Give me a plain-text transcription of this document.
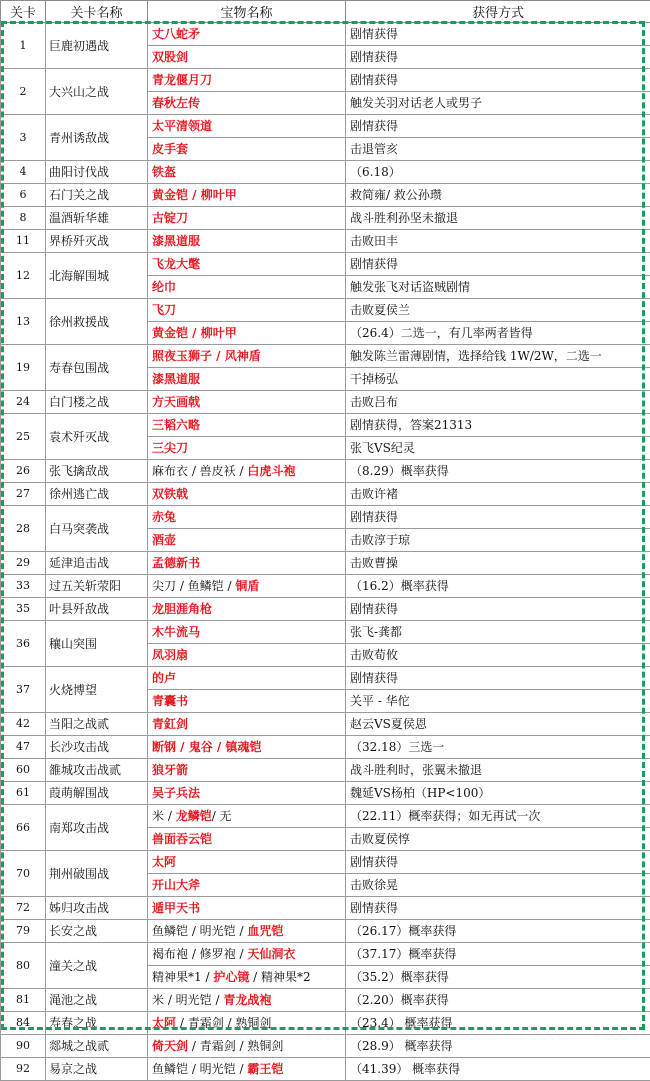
关卡	关卡名称	宝物名称	获得方式
1	巨鹿初遇战	丈八蛇矛	剧情获得
		双股剑	剧情获得
2	大兴山之战	青龙偃月刀	剧情获得
		春秋左传	触发关羽对话老人或男子
3	青州诱敌战	太平清领道	剧情获得
		皮手套	击退管亥
4	曲阳讨伐战	铁盔	（6.18）
6	石门关之战	黄金铠 / 柳叶甲	救简雍/ 救公孙瓒
8	温酒斩华雄	古锭刀	战斗胜利孙坚未撤退
11	界桥歼灭战	漆黑道服	击败田丰
12	北海解围城	飞龙大氅	剧情获得
		纶巾	触发张飞对话盗贼剧情
13	徐州救援战	飞刀	击败夏侯兰
		黄金铠 / 柳叶甲	（26.4）二选一，有几率两者皆得
19	寿春包围战	照夜玉狮子 / 风神盾	触发陈兰雷薄剧情，选择给钱 1W/2W，二选一
		漆黑道服	干掉杨弘
24	白门楼之战	方天画戟	击败吕布
25	袁术歼灭战	三韬六略	剧情获得，答案21313
		三尖刀	张飞VS纪灵
26	张飞擒敌战	麻布衣 / 兽皮袄 / 白虎斗袍	（8.29）概率获得
27	徐州逃亡战	双铁戟	击败许褚
28	白马突袭战	赤兔	剧情获得
		酒壶	击败淳于琼
29	延津追击战	孟德新书	击败曹操
33	过五关斩荥阳	尖刀 / 鱼鳞铠 / 铜盾	（16.2）概率获得
35	叶县歼敌战	龙胆涯角枪	剧情获得
36	穰山突围	木牛流马	张飞-龚都
		凤羽扇	击败荀攸
37	火烧博望	的卢	剧情获得
		青囊书	关平 - 华佗
42	当阳之战贰	青釭剑	赵云VS夏侯恩
47	长沙攻击战	断钢 / 鬼谷 / 镇魂铠	（32.18）三选一
60	雒城攻击战贰	狼牙箭	战斗胜利时，张翼未撤退
61	葭萌解围战	吴子兵法	魏延VS杨柏（HP<100）
66	南郑攻击战	米 / 龙鳞铠/ 无	（22.11）概率获得；如无再试一次
		兽面吞云铠	击败夏侯惇
70	荆州破围战	太阿	剧情获得
		开山大斧	击败徐晃
72	姊归攻击战	遁甲天书	剧情获得
79	长安之战	鱼鳞铠 / 明光铠 / 血咒铠	（26.17）概率获得
80	潼关之战	褐布袍 / 修罗袍 / 天仙洞衣	（37.17）概率获得
		精神果*1 / 护心镜 / 精神果*2	（35.2）概率获得
81	渑池之战	米 / 明光铠 / 青龙战袍	（2.20）概率获得
84	寿春之战	太阿 / 青霜剑 / 熟铜剑	（23.4） 概率获得
90	郯城之战贰	倚天剑 / 青霜剑 / 熟铜剑	（28.9） 概率获得
92	易京之战	鱼鳞铠 / 明光铠 / 霸王铠	（41.39） 概率获得
